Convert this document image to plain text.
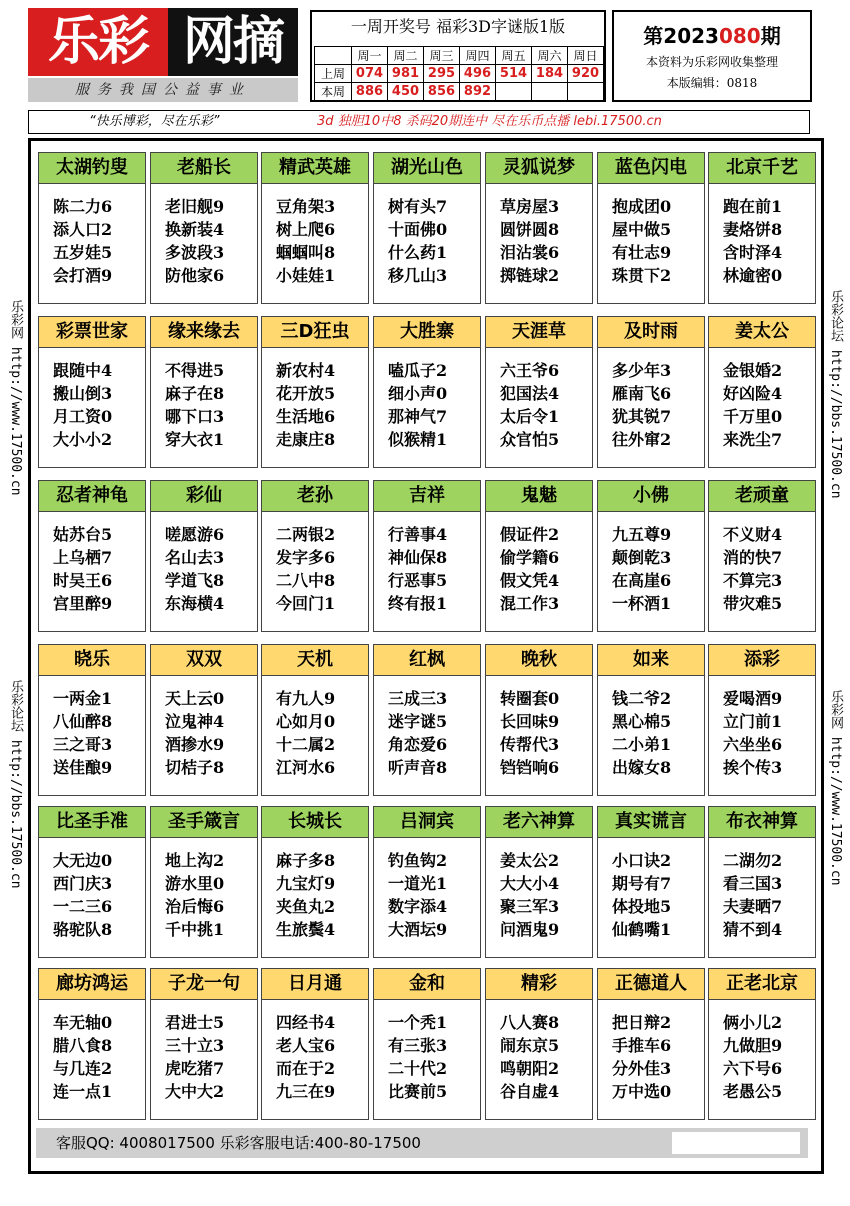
乐彩 网摘
服务我国公益事业
一周开奖号 福彩3D字谜版1版
	周一	周二	周三	周四	周五	周六	周日
上周	074	981	295	496	514	184	920
本周	886	450	856	892			
第2023080期
本资料为乐彩网收集整理
本版编辑：0818
“快乐博彩，尽在乐彩”	3d 独胆10中8 杀码20期连中 尽在乐币点播 lebi.17500.cn
乐彩网 http://www.17500.cn
乐彩论坛 http://bbs.17500.cn
乐彩论坛 http://bbs.17500.cn
乐彩网 http://www.17500.cn
太湖钓叟
陈二力6
添人口2
五岁娃5
会打酒9
老船长
老旧舰9
换新装4
多波段3
防他家6
精武英雄
豆角架3
树上爬6
蝈蝈叫8
小娃娃1
湖光山色
树有头7
十面佛0
什么药1
移几山3
灵狐说梦
草房屋3
圆饼圆8
泪沾裳6
掷链球2
蓝色闪电
抱成团0
屋中做5
有壮志9
珠贯下2
北京千艺
跑在前1
妻烙饼8
含时泽4
林逾密0
彩票世家
跟随中4
搬山倒3
月工资0
大小小2
缘来缘去
不得进5
麻子在8
哪下口3
穿大衣1
三D狂虫
新农村4
花开放5
生活地6
走康庄8
大胜寨
嗑瓜子2
细小声0
那神气7
似猴精1
天涯草
六王爷6
犯国法4
太后令1
众官怕5
及时雨
多少年3
雁南飞6
犹其锐7
往外窜2
姜太公
金银婚2
好凶险4
千万里0
来洗尘7
忍者神龟
姑苏台5
上乌栖7
时吴王6
宫里醉9
彩仙
嗟愿游6
名山去3
学道飞8
东海横4
老孙
二两银2
发字多6
二八中8
今回门1
吉祥
行善事4
神仙保8
行恶事5
终有报1
鬼魅
假证件2
偷学籍6
假文凭4
混工作3
小佛
九五尊9
颠倒乾3
在高崖6
一杯酒1
老顽童
不义财4
消的快7
不算完3
带灾难5
晓乐
一两金1
八仙醉8
三之哥3
送佳酿9
双双
天上云0
泣鬼神4
酒掺水9
切桔子8
天机
有九人9
心如月0
十二属2
江河水6
红枫
三成三3
迷字谜5
角恋爱6
听声音8
晚秋
转圈套0
长回味9
传帮代3
铛铛响6
如来
钱二爷2
黑心棉5
二小弟1
出嫁女8
添彩
爱喝酒9
立门前1
六坐坐6
挨个传3
比圣手准
大无边0
西门庆3
一二三6
骆驼队8
圣手箴言
地上沟2
游水里0
治后悔6
千中挑1
长城长
麻子多8
九宝灯9
夹鱼丸2
生旅鬓4
吕洞宾
钓鱼钩2
一道光1
数字添4
大酒坛9
老六神算
姜太公2
大大小4
聚三军3
问酒鬼9
真实谎言
小口诀2
期号有7
体投地5
仙鹤嘴1
布衣神算
二湖勿2
看三国3
夫妻晒7
猜不到4
廊坊鸿运
车无轴0
腊八食8
与几连2
连一点1
子龙一句
君进士5
三十立3
虎吃猪7
大中大2
日月通
四经书4
老人宝6
而在于2
九三在9
金和
一个秃1
有三张3
二十代2
比赛前5
精彩
八人赛8
闹东京5
鸣朝阳2
谷自虚4
正德道人
把日辩2
手推车6
分外佳3
万中选0
正老北京
俩小儿2
九做胆9
六下号6
老愚公5
客服QQ: 4008017500 乐彩客服电话:400-80-17500
